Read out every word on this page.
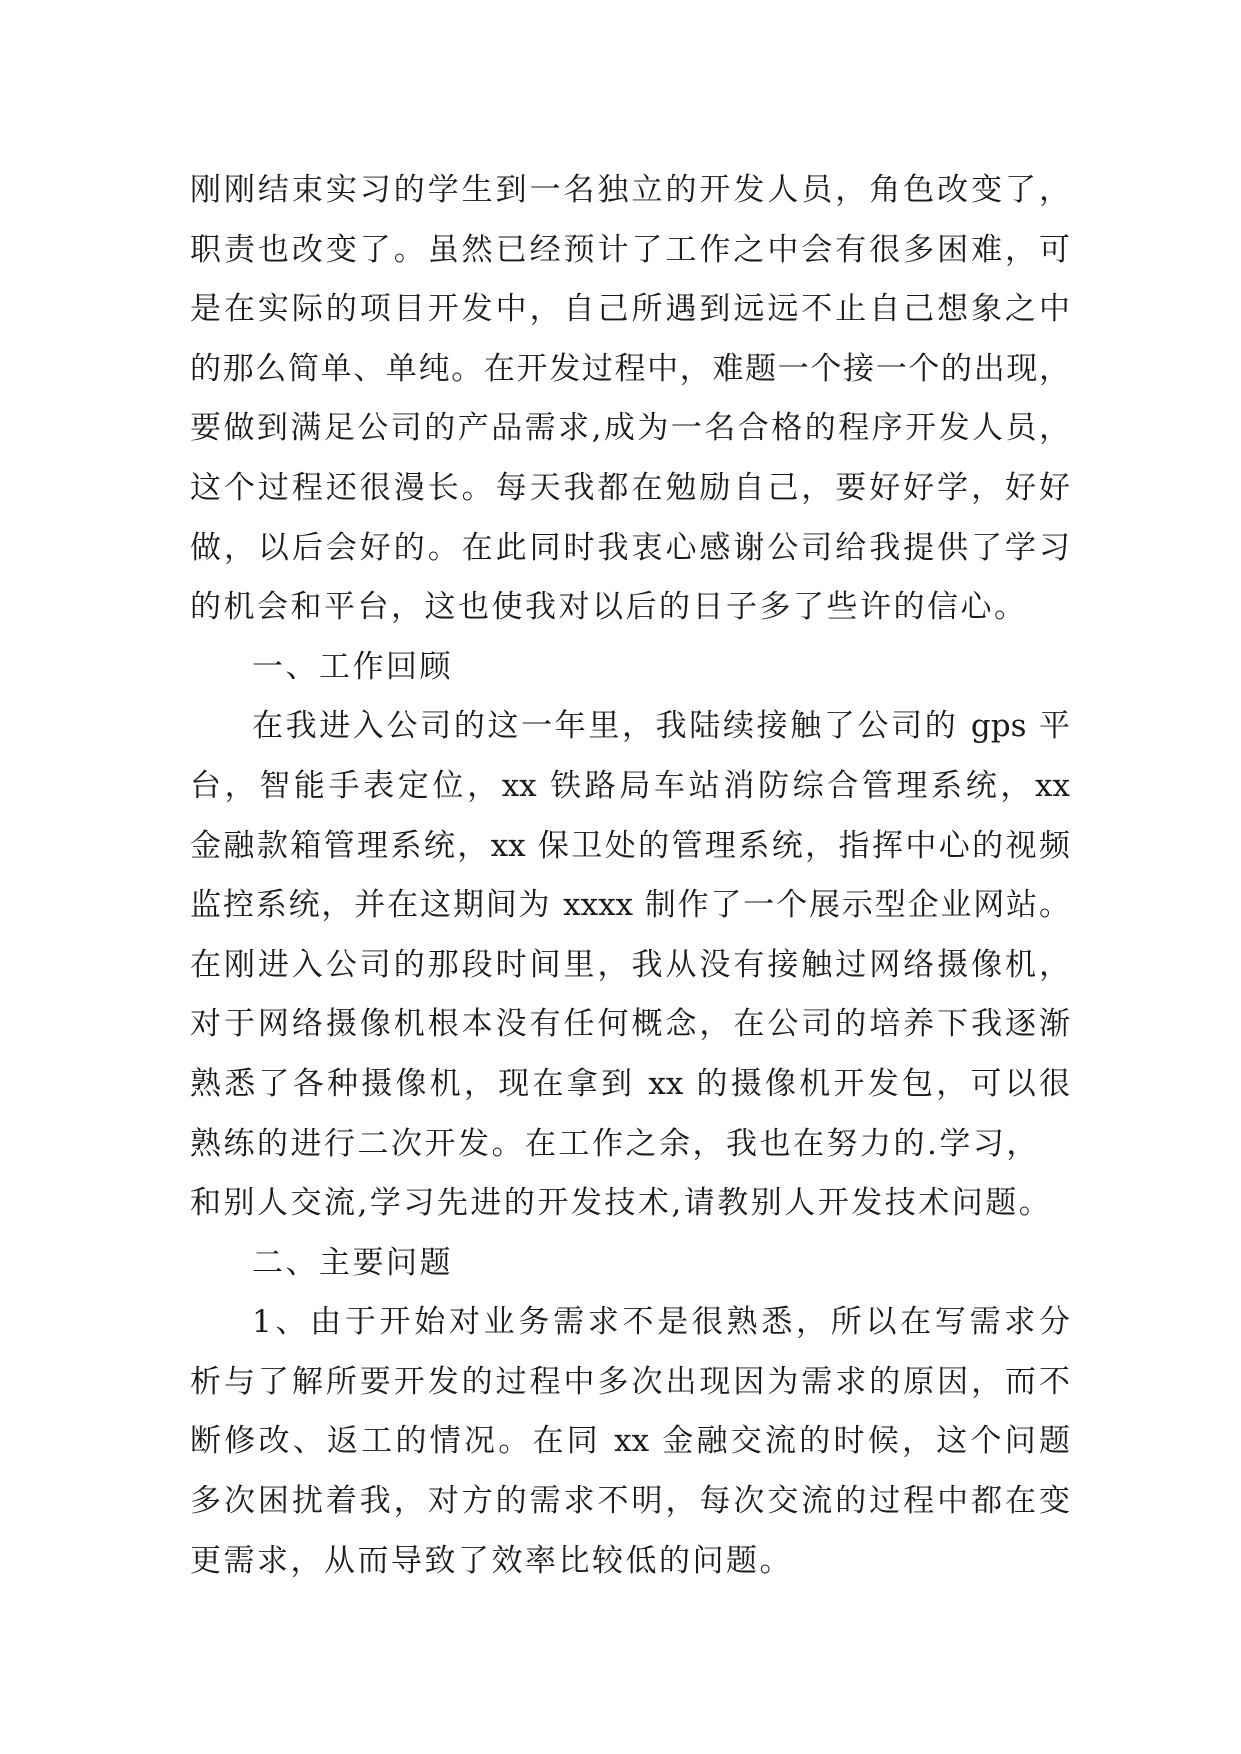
刚刚结束实习的学生到一名独立的开发人员，角色改变了，
职责也改变了。虽然已经预计了工作之中会有很多困难，可
是在实际的项目开发中，自己所遇到远远不止自己想象之中
的那么简单、单纯。在开发过程中，难题一个接一个的出现，
要做到满足公司的产品需求,成为一名合格的程序开发人员，
这个过程还很漫长。每天我都在勉励自己，要好好学，好好
做，以后会好的。在此同时我衷心感谢公司给我提供了学习
的机会和平台，这也使我对以后的日子多了些许的信心。
一、工作回顾
在我进入公司的这一年里，我陆续接触了公司的 gps 平
台，智能手表定位，xx 铁路局车站消防综合管理系统，xx
金融款箱管理系统，xx 保卫处的管理系统，指挥中心的视频
监控系统，并在这期间为 xxxx 制作了一个展示型企业网站。
在刚进入公司的那段时间里，我从没有接触过网络摄像机，
对于网络摄像机根本没有任何概念，在公司的培养下我逐渐
熟悉了各种摄像机，现在拿到 xx 的摄像机开发包，可以很
熟练的进行二次开发。在工作之余，我也在努力的.学习，
和别人交流,学习先进的开发技术,请教别人开发技术问题。
二、主要问题
1、由于开始对业务需求不是很熟悉，所以在写需求分
析与了解所要开发的过程中多次出现因为需求的原因，而不
断修改、返工的情况。在同 xx 金融交流的时候，这个问题
多次困扰着我，对方的需求不明，每次交流的过程中都在变
更需求，从而导致了效率比较低的问题。
